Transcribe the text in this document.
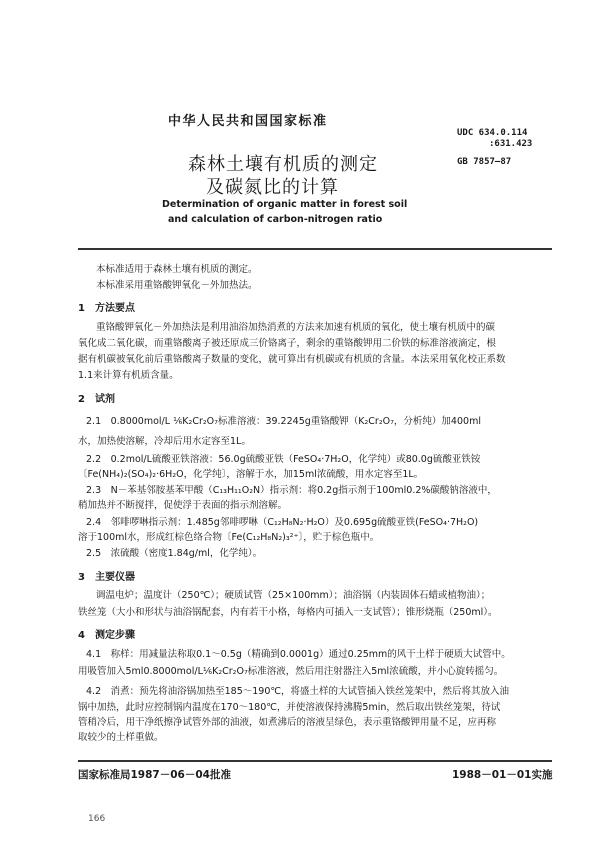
中华人民共和国国家标准
UDC 634.0.114
:631.423
GB 7857—87
森林土壤有机质的测定
及碳氮比的计算
Determination of organic matter in forest soil
and calculation of carbon-nitrogen ratio
本标准适用于森林土壤有机质的测定。
本标准采用重铬酸钾氧化－外加热法。
1　方法要点
重铬酸钾氧化－外加热法是利用油浴加热消煮的方法来加速有机质的氧化，使土壤有机质中的碳
氧化成二氧化碳，而重铬酸离子被还原成三价铬离子，剩余的重铬酸钾用二价铁的标准溶液滴定，根
据有机碳被氧化前后重铬酸离子数量的变化，就可算出有机碳或有机质的含量。本法采用氧化校正系数
1.1来计算有机质含量。
2　试剂
2.1　0.8000mol/L ⅙K₂Cr₂O₇标准溶液：39.2245g重铬酸钾（K₂Cr₂O₇，分析纯）加400ml
水，加热使溶解，冷却后用水定容至1L。
2.2　0.2mol/L硫酸亚铁溶液：56.0g硫酸亚铁（FeSO₄·7H₂O，化学纯）或80.0g硫酸亚铁铵
〔Fe(NH₄)₂(SO₄)₂·6H₂O，化学纯〕，溶解于水，加15ml浓硫酸，用水定容至1L。
2.3　N－苯基邻胺基苯甲酸（C₁₃H₁₁O₂N）指示剂：将0.2g指示剂于100ml0.2%碳酸钠溶液中，
稍加热并不断搅拌，促使浮于表面的指示剂溶解。
2.4　邻啡啰啉指示剂：1.485g邻啡啰啉（C₁₂H₈N₂·H₂O）及0.695g硫酸亚铁(FeSO₄·7H₂O)
溶于100ml水，形成红棕色络合物〔Fe(C₁₂H₈N₂)₃²⁺〕，贮于棕色瓶中。
2.5　浓硫酸（密度1.84g/ml，化学纯）。
3　主要仪器
调温电炉；温度计（250℃）；硬质试管（25×100mm）；油浴锅（内装固体石蜡或植物油）；
铁丝笼（大小和形状与油浴锅配套，内有若干小格，每格内可插入一支试管）；锥形烧瓶（250ml）。
4　测定步骤
4.1　称样：用减量法称取0.1～0.5g（精确到0.0001g）通过0.25mm的风干土样于硬质大试管中。
用吸管加入5ml0.8000mol/L⅙K₂Cr₂O₇标准溶液，然后用注射器注入5ml浓硫酸，并小心旋转摇匀。
4.2　消煮：预先将油浴锅加热至185～190℃，将盛土样的大试管插入铁丝笼架中，然后将其放入油
锅中加热，此时应控制锅内温度在170～180℃，并使溶液保持沸腾5min，然后取出铁丝笼架，待试
管稍冷后，用干净纸擦净试管外部的油液，如煮沸后的溶液呈绿色，表示重铬酸钾用量不足，应再称
取较少的土样重做。
国家标准局1987－06－04批准	1988－01－01实施
166
